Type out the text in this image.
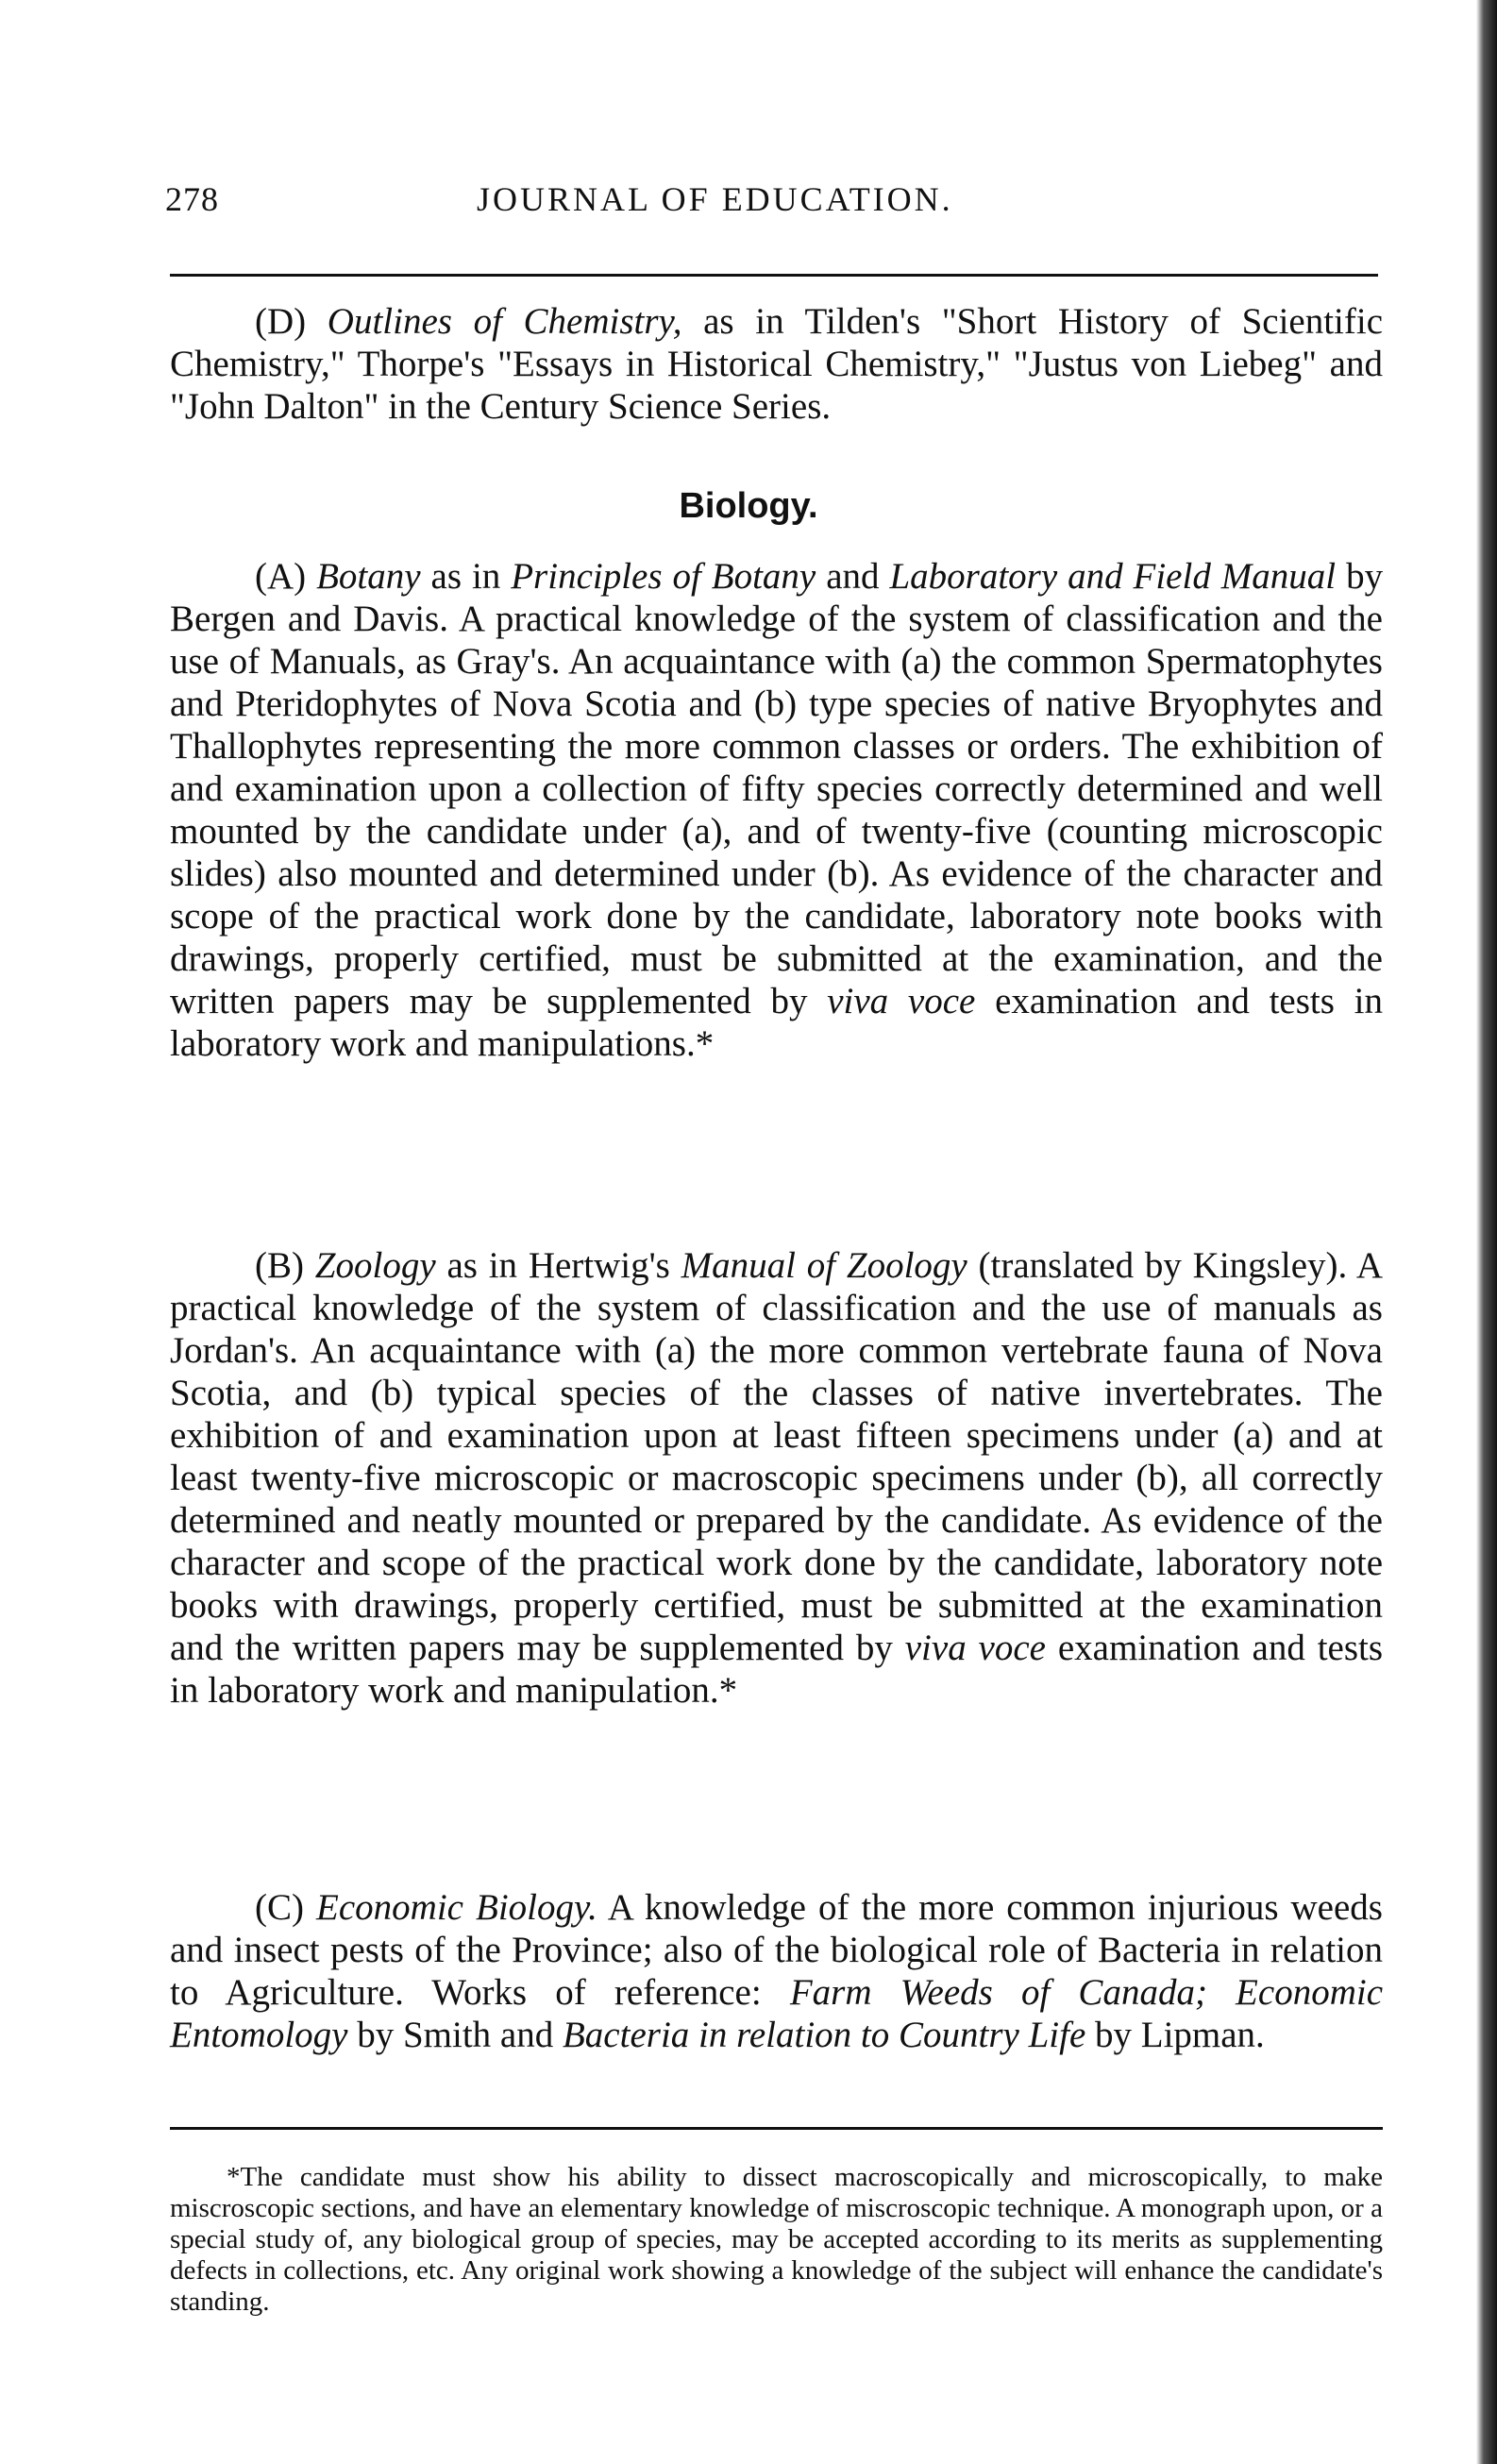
278	JOURNAL OF EDUCATION.

(D) Outlines of Chemistry, as in Tilden's "Short History of Scientific Chemistry," Thorpe's "Essays in Historical Chemistry," "Justus von Liebeg" and "John Dalton" in the Century Science Series.

Biology.

(A) Botany as in Principles of Botany and Laboratory and Field Manual by Bergen and Davis. A practical knowledge of the system of classification and the use of Manuals, as Gray's. An acquaintance with (a) the common Spermatophytes and Pteridophytes of Nova Scotia and (b) type species of native Bryophytes and Thallophytes representing the more common classes or orders. The exhibition of and examination upon a collection of fifty species correctly determined and well mounted by the candidate under (a), and of twenty-five (counting microscopic slides) also mounted and determined under (b). As evidence of the character and scope of the practical work done by the candidate, laboratory note books with drawings, properly certified, must be submitted at the examination, and the written papers may be supplemented by viva voce examination and tests in laboratory work and manipulations.*

(B) Zoology as in Hertwig's Manual of Zoology (translated by Kingsley). A practical knowledge of the system of classification and the use of manuals as Jordan's. An acquaintance with (a) the more common vertebrate fauna of Nova Scotia, and (b) typical species of the classes of native invertebrates. The exhibition of and examination upon at least fifteen specimens under (a) and at least twenty-five microscopic or macroscopic specimens under (b), all correctly determined and neatly mounted or prepared by the candidate. As evidence of the character and scope of the practical work done by the candidate, laboratory note books with drawings, properly certified, must be submitted at the examination and the written papers may be supplemented by viva voce examination and tests in laboratory work and manipulation.*

(C) Economic Biology. A knowledge of the more common injurious weeds and insect pests of the Province; also of the biological role of Bacteria in relation to Agriculture. Works of reference: Farm Weeds of Canada; Economic Entomology by Smith and Bacteria in relation to Country Life by Lipman.

*The candidate must show his ability to dissect macroscopically and microscopically, to make miscroscopic sections, and have an elementary knowledge of miscroscopic technique. A monograph upon, or a special study of, any biological group of species, may be accepted according to its merits as supplementing defects in collections, etc. Any original work showing a knowledge of the subject will enhance the candidate's standing.
